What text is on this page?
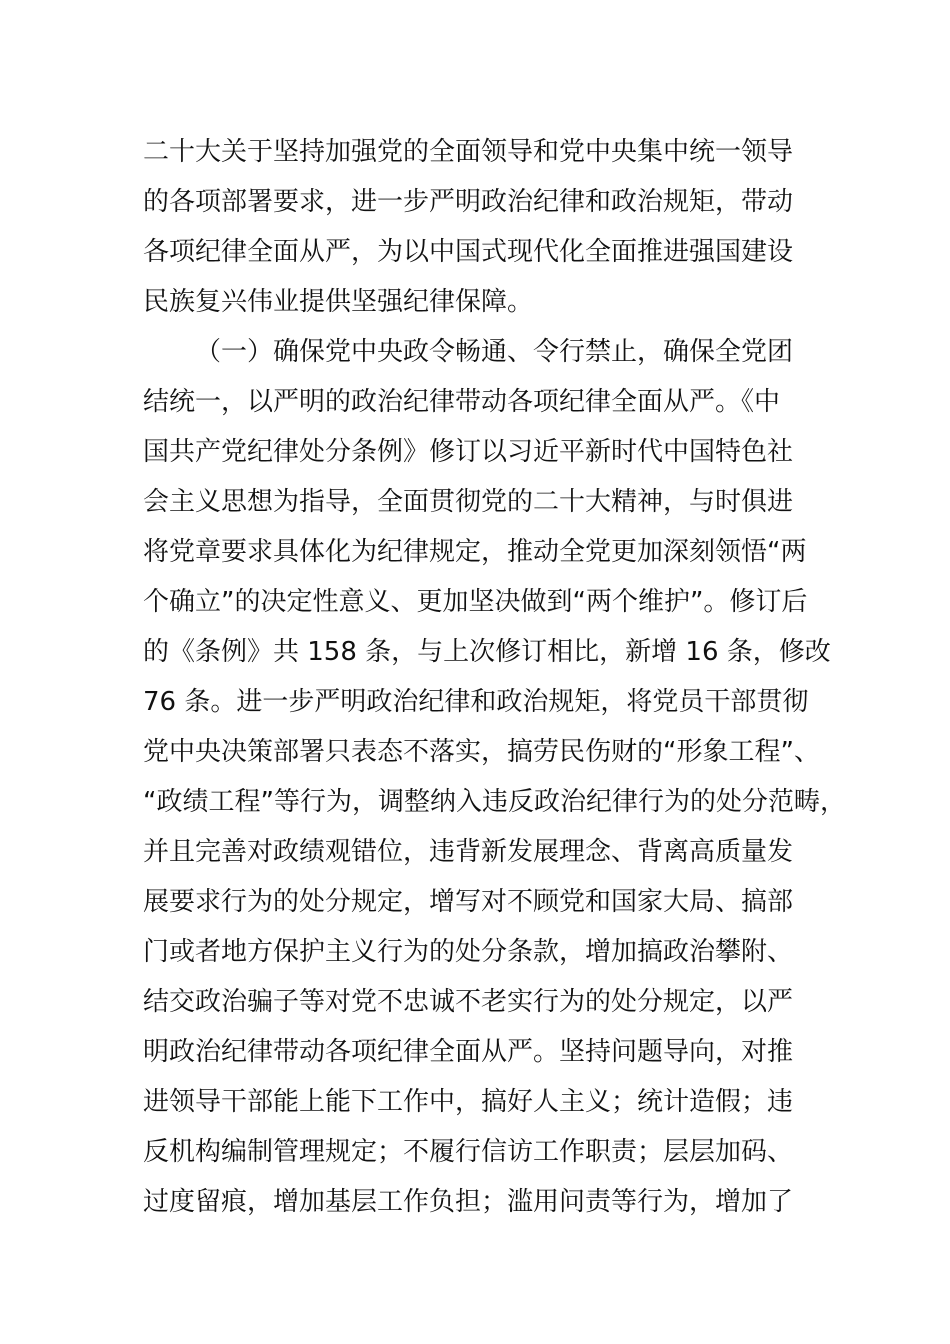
二十大关于坚持加强党的全面领导和党中央集中统一领导
的各项部署要求，进一步严明政治纪律和政治规矩，带动
各项纪律全面从严，为以中国式现代化全面推进强国建设
民族复兴伟业提供坚强纪律保障。
（一）确保党中央政令畅通、令行禁止，确保全党团
结统一，以严明的政治纪律带动各项纪律全面从严。《中
国共产党纪律处分条例》修订以习近平新时代中国特色社
会主义思想为指导，全面贯彻党的二十大精神，与时俱进
将党章要求具体化为纪律规定，推动全党更加深刻领悟“两
个确立”的决定性意义、更加坚决做到“两个维护”。修订后
的《条例》共 158 条，与上次修订相比，新增 16 条，修改
76 条。进一步严明政治纪律和政治规矩，将党员干部贯彻
党中央决策部署只表态不落实，搞劳民伤财的“形象工程”、
“政绩工程”等行为，调整纳入违反政治纪律行为的处分范畴，
并且完善对政绩观错位，违背新发展理念、背离高质量发
展要求行为的处分规定，增写对不顾党和国家大局、搞部
门或者地方保护主义行为的处分条款，增加搞政治攀附、
结交政治骗子等对党不忠诚不老实行为的处分规定，以严
明政治纪律带动各项纪律全面从严。坚持问题导向，对推
进领导干部能上能下工作中，搞好人主义；统计造假；违
反机构编制管理规定；不履行信访工作职责；层层加码、
过度留痕，增加基层工作负担；滥用问责等行为，增加了
